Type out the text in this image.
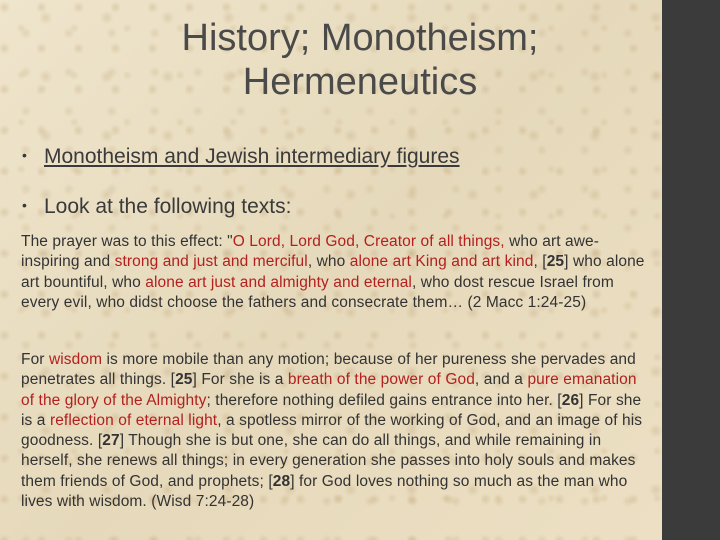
History; Monotheism;
Hermeneutics
• Monotheism and Jewish intermediary figures
• Look at the following texts:

The prayer was to this effect: "O Lord, Lord God, Creator of all things, who art awe-inspiring and strong and just and merciful, who alone art King and art kind, [25] who alone art bountiful, who alone art just and almighty and eternal, who dost rescue Israel from every evil, who didst choose the fathers and consecrate them… (2 Macc 1:24-25)

For wisdom is more mobile than any motion; because of her pureness she pervades and penetrates all things. [25] For she is a breath of the power of God, and a pure emanation of the glory of the Almighty; therefore nothing defiled gains entrance into her. [26] For she is a reflection of eternal light, a spotless mirror of the working of God, and an image of his goodness. [27] Though she is but one, she can do all things, and while remaining in herself, she renews all things; in every generation she passes into holy souls and makes them friends of God, and prophets; [28] for God loves nothing so much as the man who lives with wisdom. (Wisd 7:24-28)
